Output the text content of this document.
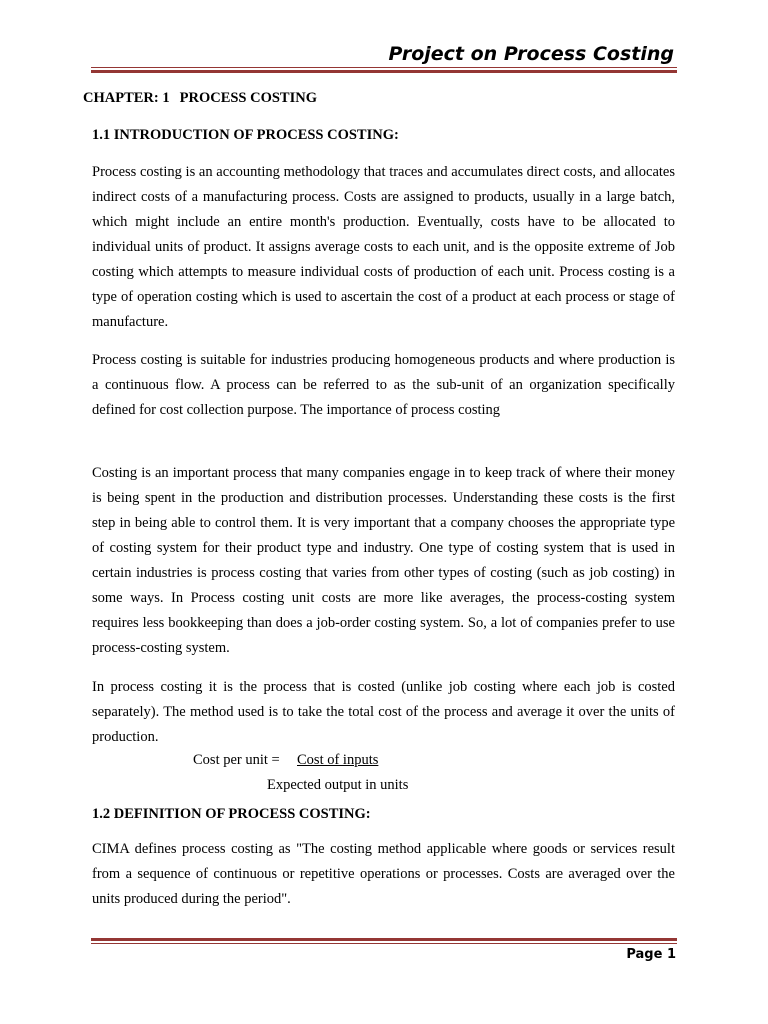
Project on Process Costing
CHAPTER: 1 PROCESS COSTING
1.1 INTRODUCTION OF PROCESS COSTING:
Process costing is an accounting methodology that traces and accumulates direct costs, and allocates indirect costs of a manufacturing process. Costs are assigned to products, usually in a large batch, which might include an entire month's production. Eventually, costs have to be allocated to individual units of product. It assigns average costs to each unit, and is the opposite extreme of Job costing which attempts to measure individual costs of production of each unit. Process costing is a type of operation costing which is used to ascertain the cost of a product at each process or stage of manufacture.
Process costing is suitable for industries producing homogeneous products and where production is a continuous flow. A process can be referred to as the sub-unit of an organization specifically defined for cost collection purpose. The importance of process costing
Costing is an important process that many companies engage in to keep track of where their money is being spent in the production and distribution processes. Understanding these costs is the first step in being able to control them. It is very important that a company chooses the appropriate type of costing system for their product type and industry. One type of costing system that is used in certain industries is process costing that varies from other types of costing (such as job costing) in some ways. In Process costing unit costs are more like averages, the process-costing system requires less bookkeeping than does a job-order costing system. So, a lot of companies prefer to use process-costing system.
In process costing it is the process that is costed (unlike job costing where each job is costed separately). The method used is to take the total cost of the process and average it over the units of production.
Cost per unit = Cost of inputs
Expected output in units
1.2 DEFINITION OF PROCESS COSTING:
CIMA defines process costing as "The costing method applicable where goods or services result from a sequence of continuous or repetitive operations or processes. Costs are averaged over the units produced during the period".
Page 1
